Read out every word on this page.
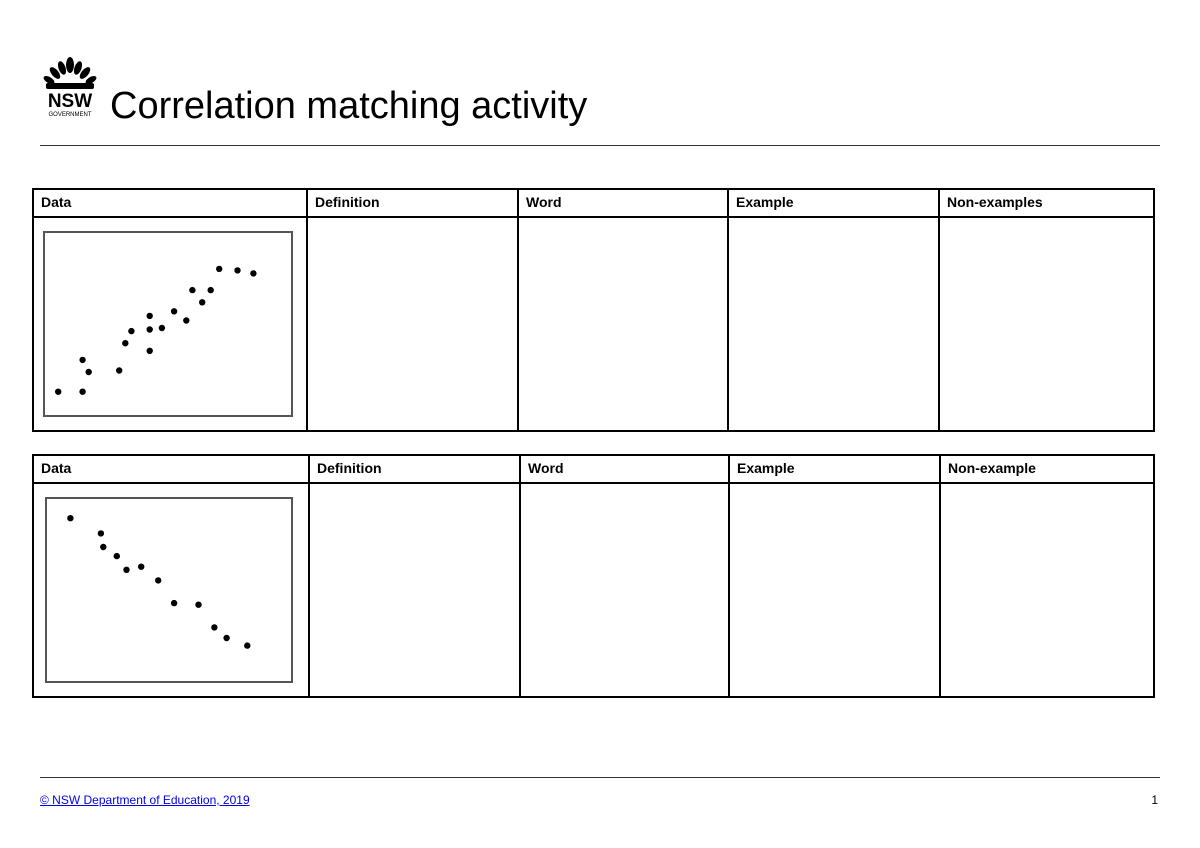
NSW
GOVERNMENT Correlation matching activity
Data	Definition	Word	Example	Non-examples

Data	Definition	Word	Example	Non-example

© NSW Department of Education, 2019	1
